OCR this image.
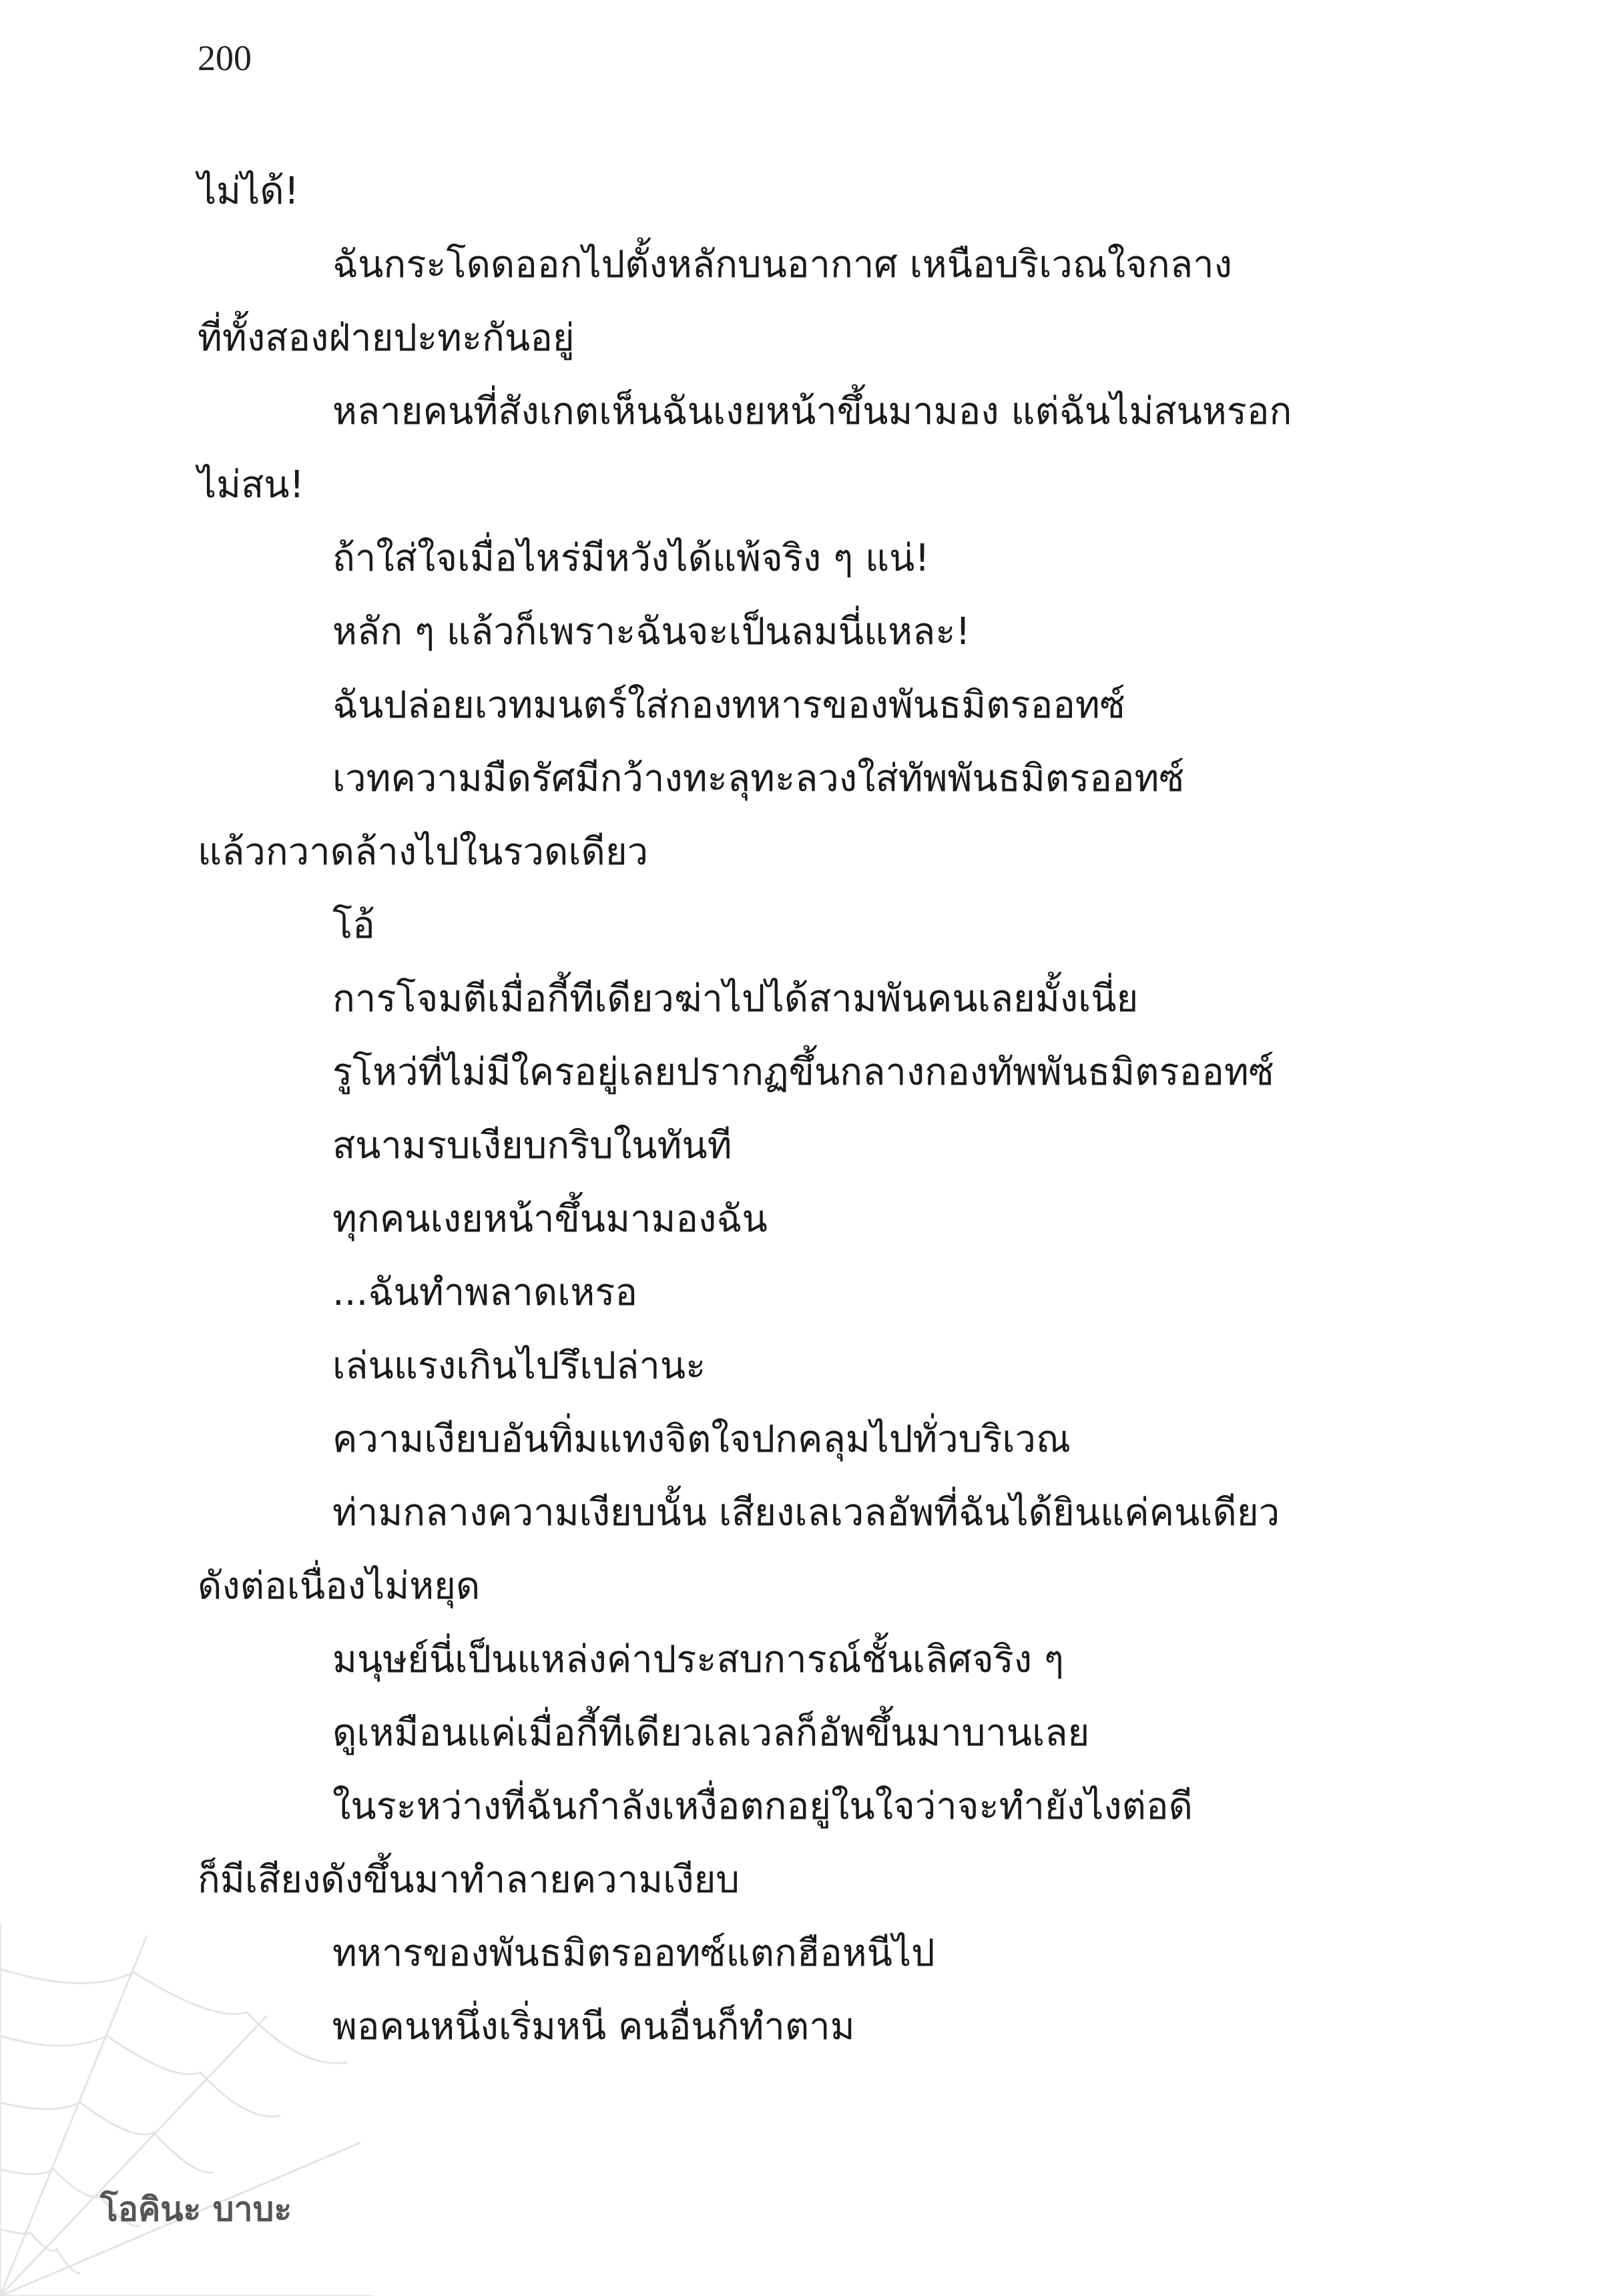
200
ไม่ได้!
ฉันกระโดดออกไปตั้งหลักบนอากาศ เหนือบริเวณใจกลาง
ที่ทั้งสองฝ่ายปะทะกันอยู่
หลายคนที่สังเกตเห็นฉันเงยหน้าขึ้นมามอง แต่ฉันไม่สนหรอก
ไม่สน!
ถ้าใส่ใจเมื่อไหร่มีหวังได้แพ้จริง ๆ แน่!
หลัก ๆ แล้วก็เพราะฉันจะเป็นลมนี่แหละ!
ฉันปล่อยเวทมนตร์ใส่กองทหารของพันธมิตรออทซ์
เวทความมืดรัศมีกว้างทะลุทะลวงใส่ทัพพันธมิตรออทซ์
แล้วกวาดล้างไปในรวดเดียว
โอ้
การโจมตีเมื่อกี้ทีเดียวฆ่าไปได้สามพันคนเลยมั้งเนี่ย
รูโหว่ที่ไม่มีใครอยู่เลยปรากฏขึ้นกลางกองทัพพันธมิตรออทซ์
สนามรบเงียบกริบในทันที
ทุกคนเงยหน้าขึ้นมามองฉัน
...ฉันทำพลาดเหรอ
เล่นแรงเกินไปรึเปล่านะ
ความเงียบอันทิ่มแทงจิตใจปกคลุมไปทั่วบริเวณ
ท่ามกลางความเงียบนั้น เสียงเลเวลอัพที่ฉันได้ยินแค่คนเดียว
ดังต่อเนื่องไม่หยุด
มนุษย์นี่เป็นแหล่งค่าประสบการณ์ชั้นเลิศจริง ๆ
ดูเหมือนแค่เมื่อกี้ทีเดียวเลเวลก็อัพขึ้นมาบานเลย
ในระหว่างที่ฉันกำลังเหงื่อตกอยู่ในใจว่าจะทำยังไงต่อดี
ก็มีเสียงดังขึ้นมาทำลายความเงียบ
ทหารของพันธมิตรออทซ์แตกฮือหนีไป
พอคนหนึ่งเริ่มหนี คนอื่นก็ทำตาม
โอคินะ บาบะ
